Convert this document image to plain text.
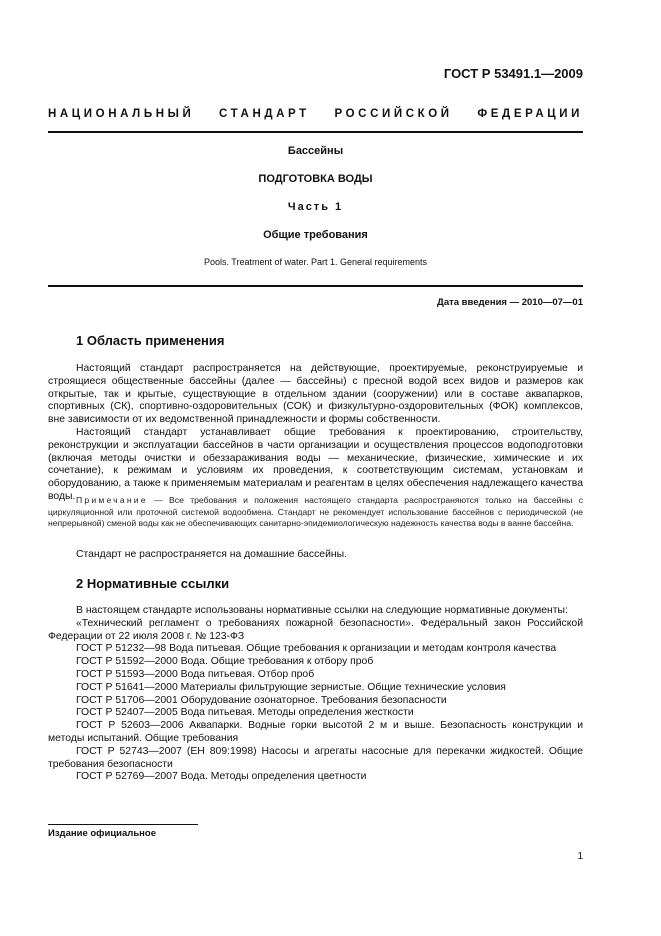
ГОСТ Р 53491.1—2009
НАЦИОНАЛЬНЫЙ СТАНДАРТ РОССИЙСКОЙ ФЕДЕРАЦИИ
Бассейны
ПОДГОТОВКА ВОДЫ
Часть 1
Общие требования
Pools. Treatment of water. Part 1. General requirements
Дата введения — 2010—07—01
1 Область применения

Настоящий стандарт распространяется на действующие, проектируемые, реконструируемые и строящиеся общественные бассейны (далее — бассейны) с пресной водой всех видов и размеров как открытые, так и крытые, существующие в отдельном здании (сооружении) или в составе аквапарков, спортивных (СК), спортивно-оздоровительных (СОК) и физкультурно-оздоровительных (ФОК) комплексов, вне зависимости от их ведомственной принадлежности и формы собственности.

Настоящий стандарт устанавливает общие требования к проектированию, строительству, реконструкции и эксплуатации бассейнов в части организации и осуществления процессов водоподготовки (включая методы очистки и обеззараживания воды — механические, физические, химические и их сочетание), к режимам и условиям их проведения, к соответствующим системам, установкам и оборудованию, а также к применяемым материалам и реагентам в целях обеспечения надлежащего качества воды. Примечание — Все требования и положения настоящего стандарта распространяются только на бассейны с циркуляционной или проточной системой водообмена. Стандарт не рекомендует использование бассейнов с периодической (не непрерывной) сменой воды как не обеспечивающих санитарно-эпидемиологическую надежность качества воды в ванне бассейна.

Стандарт не распространяется на домашние бассейны.

2 Нормативные ссылки

В настоящем стандарте использованы нормативные ссылки на следующие нормативные документы:

«Технический регламент о требованиях пожарной безопасности». Федеральный закон Российской Федерации от 22 июля 2008 г. № 123-ФЗ

ГОСТ Р 51232—98 Вода питьевая. Общие требования к организации и методам контроля качества

ГОСТ Р 51592—2000 Вода. Общие требования к отбору проб

ГОСТ Р 51593—2000 Вода питьевая. Отбор проб

ГОСТ Р 51641—2000 Материалы фильтрующие зернистые. Общие технические условия

ГОСТ Р 51706—2001 Оборудование озонаторное. Требования безопасности

ГОСТ Р 52407—2005 Вода питьевая. Методы определения жесткости

ГОСТ Р 52603—2006 Аквапарки. Водные горки высотой 2 м и выше. Безопасность конструкции и методы испытаний. Общие требования

ГОСТ Р 52743—2007 (ЕН 809:1998) Насосы и агрегаты насосные для перекачки жидкостей. Общие требования безопасности

ГОСТ Р 52769—2007 Вода. Методы определения цветности

Издание официальное
1
